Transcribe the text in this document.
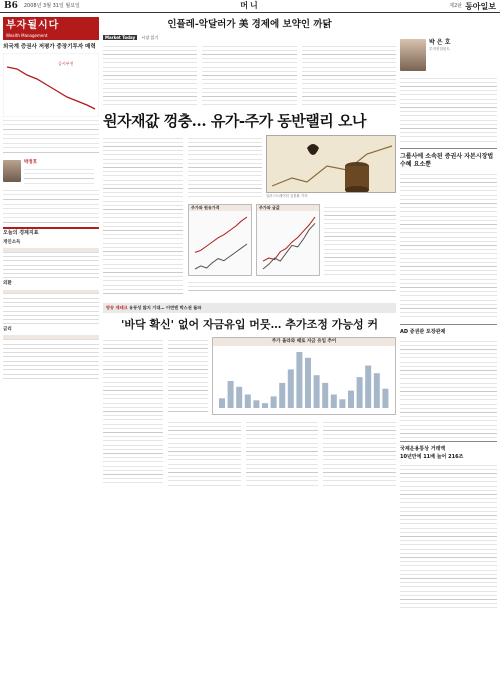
B6 2008년 3월 31일 월요일	머니	제2판 동아일보
부자될시다
Wealth Management
외국계 증권사 저평가 중장기투자 매력
증시부진
박정호
오늘의 경제지표
개인소득

외환

금리

인플레-악달러가 美 경제에 보약인 까닭
Market Today 시장 읽기
원자재값 껑충… 유가-주가 동반랠리 오나
일러스트레이션 김봉환 기자
주가와 원유가격	주가와 금값
방송 재테크 유동성 많지 기대… 이번엔 박스권 돌파
'바닥 확신' 없어 자금유입 머뭇… 추가조정 가능성 커
주가 올라와 때로 자금 유입 추이
박 은 호
투자컨설턴트
그룹사에 소속된 증권사 자본시장법 수혜 요소뿐
AD 증권관 포장관제
국제운용통상 거래액
10년만에 11배 늘어 216조
